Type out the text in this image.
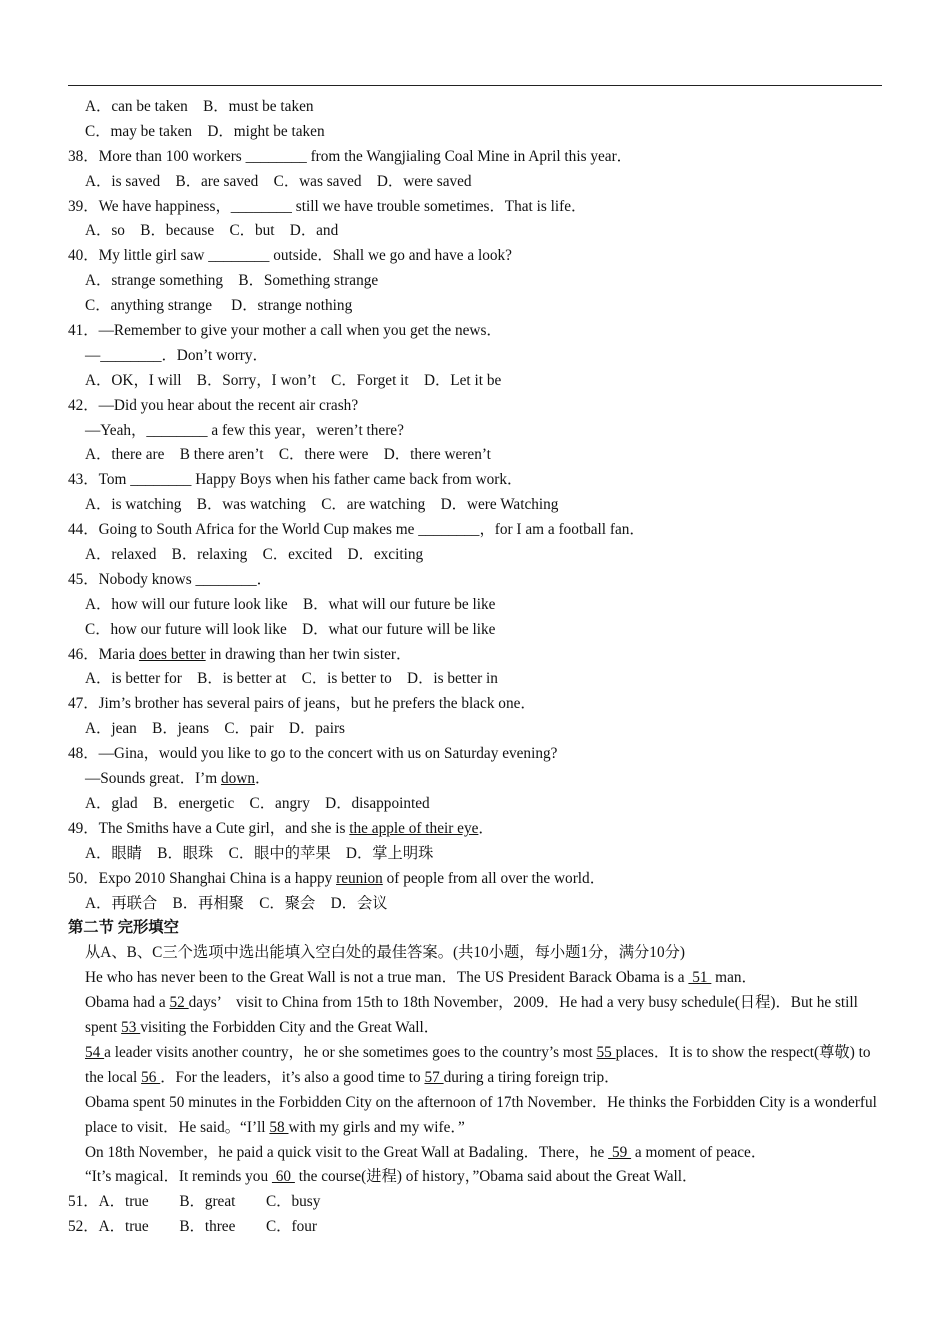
A．can be taken　B．must be taken
C．may be taken　D．might be taken
38．More than 100 workers ________ from the Wangjialing Coal Mine in April this year．
A．is saved　B．are saved　C．was saved　D．were saved
39．We have happiness，________ still we have trouble sometimes．That is life．
A．so　B．because　C．but　D．and
40．My little girl saw ________ outside．Shall we go and have a look?
A．strange something　B．Something strange
C．anything strange　 D．strange nothing
41．—Remember to give your mother a call when you get the news．
—________．Don’t worry．
A．OK，I will　B．Sorry，I won’t　C．Forget it　D．Let it be
42．—Did you hear about the recent air crash?
—Yeah，________ a few this year，weren’t there?
A．there are　B there aren’t　C．there were　D．there weren’t
43．Tom ________ Happy Boys when his father came back from work．
A．is watching　B．was watching　C．are watching　D．were Watching
44．Going to South Africa for the World Cup makes me ________，for I am a football fan．
A．relaxed　B．relaxing　C．excited　D．exciting
45．Nobody knows ________．
A．how will our future look like　B．what will our future be like
C．how our future will look like　D．what our future will be like
46．Maria does better in drawing than her twin sister．
A．is better for　B．is better at　C．is better to　D．is better in
47．Jim’s brother has several pairs of jeans，but he prefers the black one．
A．jean　B．jeans　C．pair　D．pairs
48．—Gina，would you like to go to the concert with us on Saturday evening?
—Sounds great．I’m down．
A．glad　B．energetic　C．angry　D．disappointed
49．The Smiths have a Cute girl，and she is the apple of their eye．
A．眼睛　B．眼珠　C．眼中的苹果　D．掌上明珠
50．Expo 2010 Shanghai China is a happy reunion of people from all over the world．
A．再联合　B．再相聚　C．聚会　D．会议
第二节 完形填空
从A、B、C三个选项中选出能填入空白处的最佳答案。(共10小题，每小题1分，满分10分)
He who has never been to the Great Wall is not a true man．The US President Barack Obama is a  51  man．
Obama had a 52 days’　visit to China from 15th to 18th November，2009．He had a very busy schedule(日程)．But he still spent 53 visiting the Forbidden City and the Great Wall．
54 a leader visits another country，he or she sometimes goes to the country’s most 55 places．It is to show the respect(尊敬) to the local 56 ．For the leaders，it’s also a good time to 57 during a tiring foreign trip．
Obama spent 50 minutes in the Forbidden City on the afternoon of 17th November．He thinks the Forbidden City is a wonderful place to visit．He said。“I’ll 58 with my girls and my wife．”
On 18th November，he paid a quick visit to the Great Wall at Badaling．There，he  59  a moment of peace．
“It’s magical．It reminds you  60  the course(进程) of history，”Obama said about the Great Wall．
51．A．true　　B．great　　C．busy
52．A．true　　B．three　　C．four
